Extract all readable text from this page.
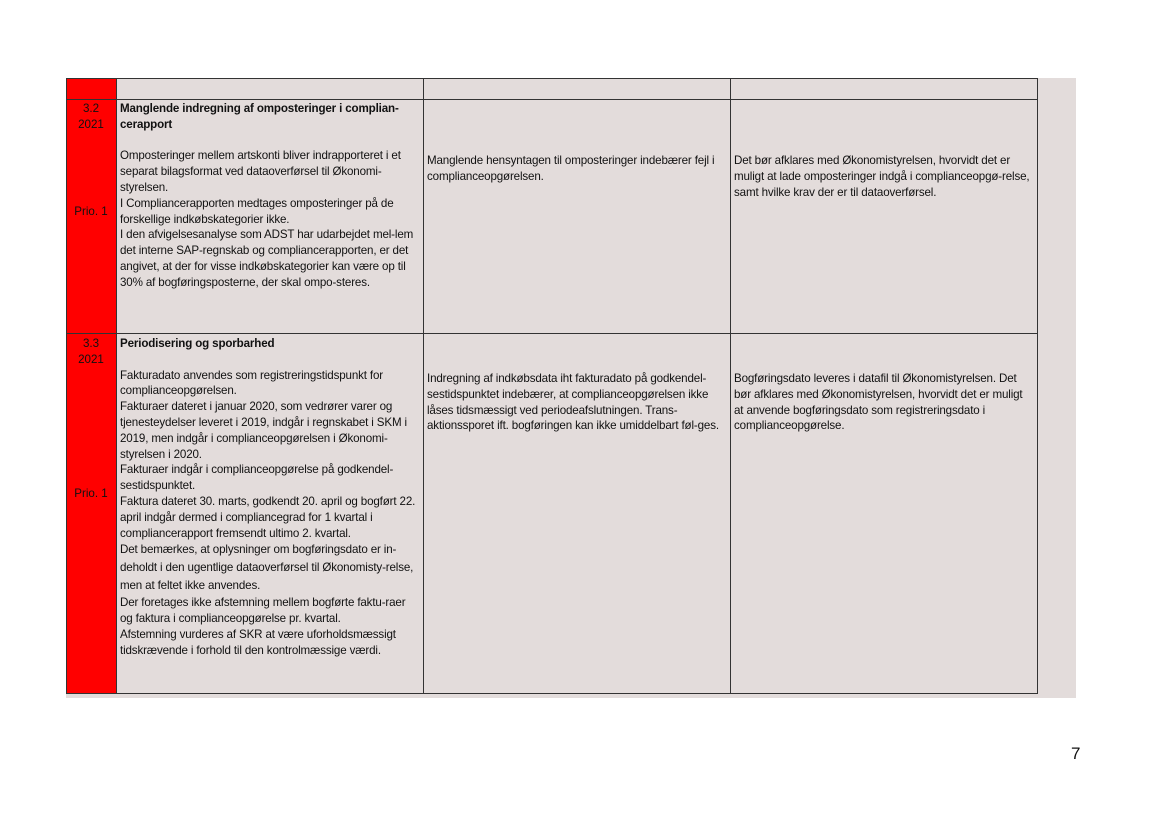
3.2
2021
Prio. 1
Manglende indregning af omposteringer i complian-
cerapport

Omposteringer mellem artskonti bliver indrapporteret i et separat bilagsformat ved dataoverførsel til Økonomi-styrelsen.

I Compliancerapporten medtages omposteringer på de forskellige indkøbskategorier ikke.

I den afvigelsesanalyse som ADST har udarbejdet mel-lem det interne SAP-regnskab og compliancerapporten, er det angivet, at der for visse indkøbskategorier kan være op til 30% af bogføringsposterne, der skal ompo-steres.

Manglende hensyntagen til omposteringer indebærer fejl i complianceopgørelsen.
Det bør afklares med Økonomistyrelsen, hvorvidt det er muligt at lade omposteringer indgå i complianceopgø-relse, samt hvilke krav der er til dataoverførsel.
3.3
2021
Prio. 1
Periodisering og sporbarhed

Fakturadato anvendes som registreringstidspunkt for complianceopgørelsen.

Fakturaer dateret i januar 2020, som vedrører varer og tjenesteydelser leveret i 2019, indgår i regnskabet i SKM i 2019, men indgår i complianceopgørelsen i Økonomi-styrelsen i 2020.

Fakturaer indgår i complianceopgørelse på godkendel-sestidspunktet.

Faktura dateret 30. marts, godkendt 20. april og bogført 22. april indgår dermed i compliancegrad for 1 kvartal i compliancerapport fremsendt ultimo 2. kvartal.

Det bemærkes, at oplysninger om bogføringsdato er in-deholdt i den ugentlige dataoverførsel til Økonomisty-relse, men at feltet ikke anvendes.

Der foretages ikke afstemning mellem bogførte faktu-raer og faktura i complianceopgørelse pr. kvartal.

Afstemning vurderes af SKR at være uforholdsmæssigt tidskrævende i forhold til den kontrolmæssige værdi.

Indregning af indkøbsdata iht fakturadato på godkendel-sestidspunktet indebærer, at complianceopgørelsen ikke låses tidsmæssigt ved periodeafslutningen. Trans-aktionssporet ift. bogføringen kan ikke umiddelbart føl-ges.
Bogføringsdato leveres i datafil til Økonomistyrelsen. Det bør afklares med Økonomistyrelsen, hvorvidt det er muligt at anvende bogføringsdato som registreringsdato i complianceopgørelse.
7
